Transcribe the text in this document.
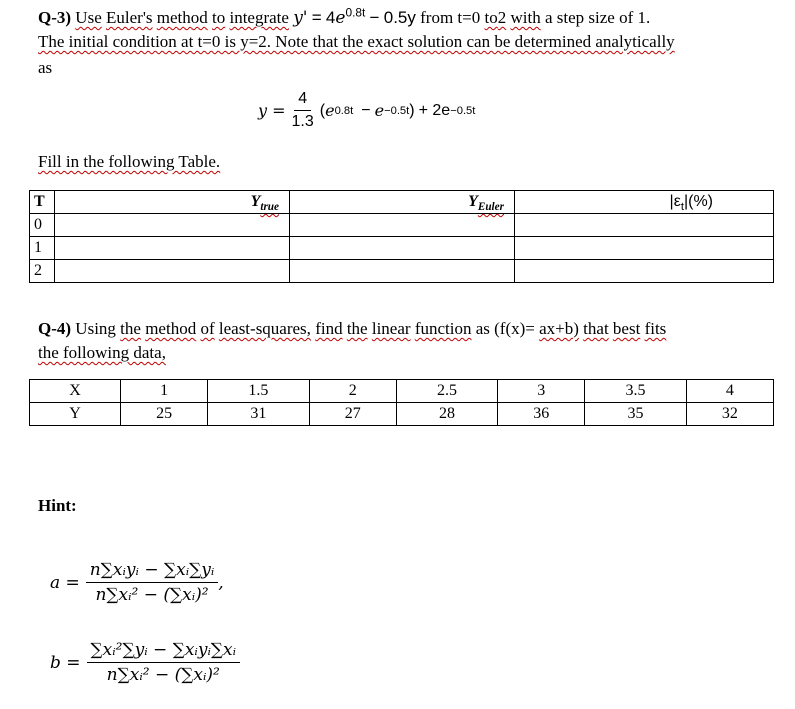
Q-3) Use Euler's method to integrate $y' = 4e^{0.8t} - 0.5y$ from t=0 to2 with a step size of 1.
The initial condition at t=0 is y=2. Note that the exact solution can be determined analytically
as
$y = \frac{4}{1.3}$ ( e 0.8t − e −0.5t ) + 2e −0.5t
Fill in the following Table.
T	$Y_{true}$	$Y_{Euler}$	$|\varepsilon_t|(\%)$
0			
1			
2			
Q-4) Using the method of least-squares, find the linear function as (f(x)= ax+b) that best fits
the following data,
X	1	1.5	2	2.5	3	3.5	4
Y	25	31	27	28	36	35	32
Hint:
$a = \frac{\text{n∑xᵢyᵢ − ∑xᵢ∑yᵢ}}{\text{n∑xᵢ² − (∑xᵢ)²}}$ ,
$b = \frac{\text{∑xᵢ²∑yᵢ − ∑xᵢyᵢ∑xᵢ}}{\text{n∑xᵢ² − (∑xᵢ)²}}$
